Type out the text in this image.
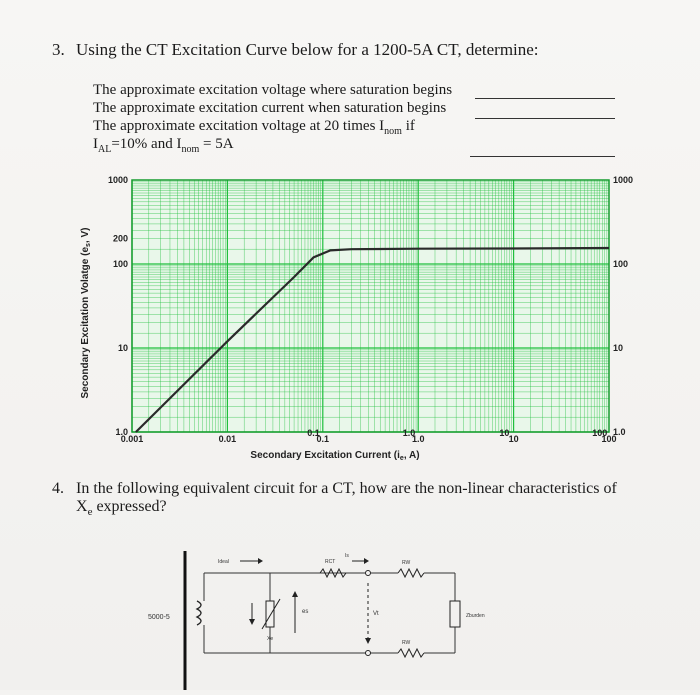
3. Using the CT Excitation Curve below for a 1200-5A CT, determine:
The approximate excitation voltage where saturation begins
The approximate excitation current when saturation begins
The approximate excitation voltage at 20 times $I_{nom}$ if
$I_{AL}=10\%$ and $I_{nom} = 5A$
0.001	0.01	0.1	1.0	10	100
0.1	1.0	10	100
1000
200
100
10
1.0
1000
100
10
1.0
Secondary Excitation Current ($i_e$, A)
Secondary Excitation Volatge ($e_s$, V)
4. In the following equivalent circuit for a CT, how are the non-linear characteristics of $X_e$ expressed?
5000-5
Ideal
Xe
es
RCT
Is
Vt
RW
RW
Zburden
